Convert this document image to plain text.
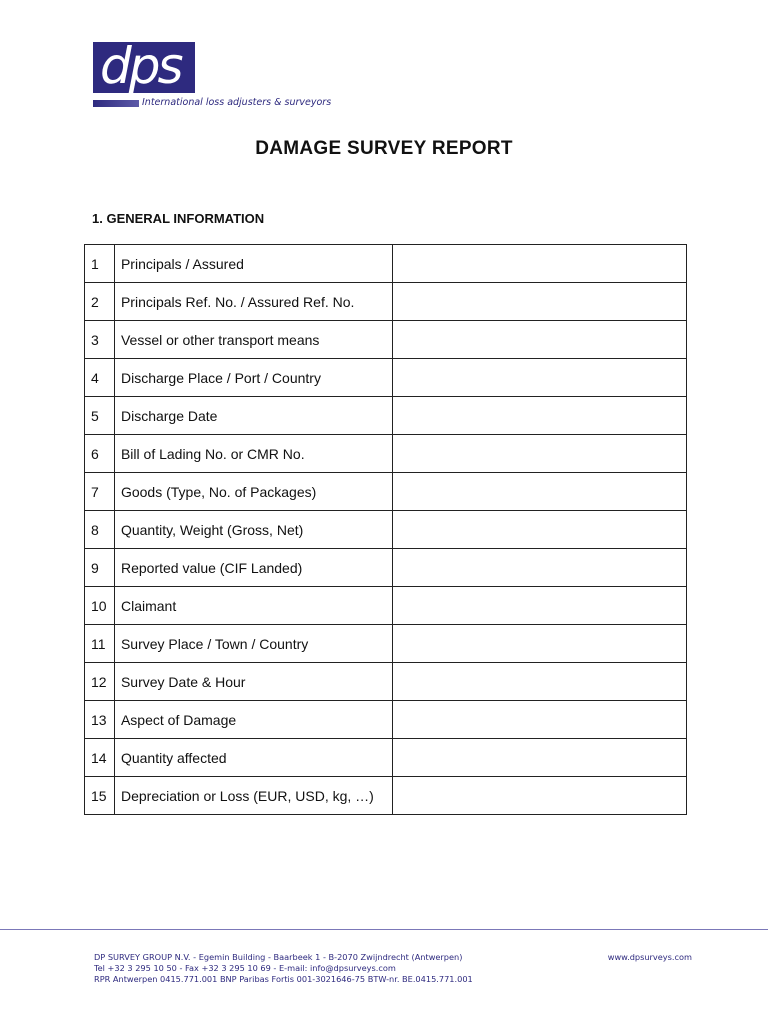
dps
International loss adjusters & surveyors
DAMAGE SURVEY REPORT
1. GENERAL INFORMATION
1	Principals / Assured	
2	Principals Ref. No. / Assured Ref. No.	
3	Vessel or other transport means	
4	Discharge Place / Port / Country	
5	Discharge Date	
6	Bill of Lading No. or CMR No.	
7	Goods (Type, No. of Packages)	
8	Quantity, Weight (Gross, Net)	
9	Reported value (CIF Landed)	
10	Claimant	
11	Survey Place / Town / Country	
12	Survey Date & Hour	
13	Aspect of Damage	
14	Quantity affected	
15	Depreciation or Loss (EUR, USD, kg, …)	
DP SURVEY GROUP N.V. - Egemin Building - Baarbeek 1 - B-2070 Zwijndrecht (Antwerpen)
Tel +32 3 295 10 50 - Fax +32 3 295 10 69 - E-mail: info@dpsurveys.com
RPR Antwerpen 0415.771.001 BNP Paribas Fortis 001-3021646-75 BTW-nr. BE.0415.771.001
www.dpsurveys.com
